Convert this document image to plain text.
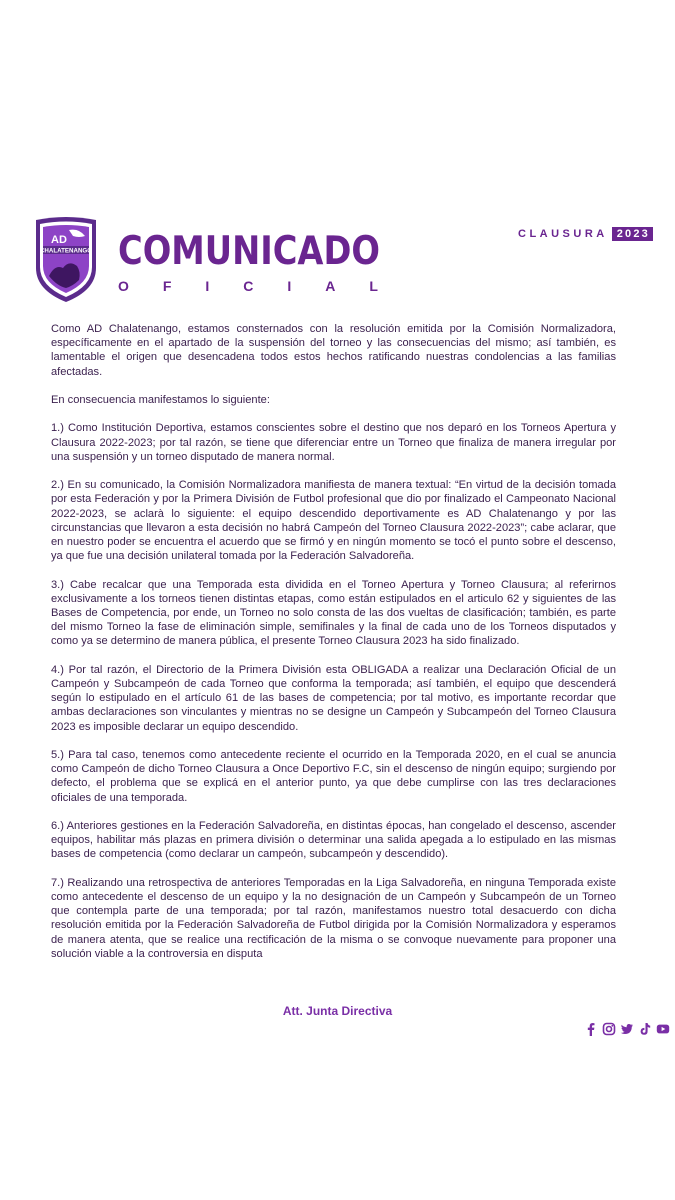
AD
CHALATENANGO COMUNICADO
O F I C I A L
CLAUSURA 2023

Como AD Chalatenango, estamos consternados con la resolución emitida por la Comisión Normalizadora, específicamente en el apartado de la suspensión del torneo y las consecuencias del mismo; así también, es lamentable el origen que desencadena todos estos hechos ratificando nuestras condolencias a las familias afectadas.

En consecuencia manifestamos lo siguiente:

1.) Como Institución Deportiva, estamos conscientes sobre el destino que nos deparó en los Torneos Apertura y Clausura 2022-2023; por tal razón, se tiene que diferenciar entre un Torneo que finaliza de manera irregular por una suspensión y un torneo disputado de manera normal.

2.) En su comunicado, la Comisión Normalizadora manifiesta de manera textual: “En virtud de la decisión tomada por esta Federación y por la Primera División de Futbol profesional que dio por finalizado el Campeonato Nacional 2022-2023, se aclarà lo siguiente: el equipo descendido deportivamente es AD Chalatenango y por las circunstancias que llevaron a esta decisión no habrá Campeón del Torneo Clausura 2022-2023”; cabe aclarar, que en nuestro poder se encuentra el acuerdo que se firmó y en ningún momento se tocó el punto sobre el descenso, ya que fue una decisión unilateral tomada por la Federación Salvadoreña.

3.) Cabe recalcar que una Temporada esta dividida en el Torneo Apertura y Torneo Clausura; al referirnos exclusivamente a los torneos tienen distintas etapas, como están estipulados en el articulo 62 y siguientes de las Bases de Competencia, por ende, un Torneo no solo consta de las dos vueltas de clasificación; también, es parte del mismo Torneo la fase de eliminación simple, semifinales y la final de cada uno de los Torneos disputados y como ya se determino de manera pública, el presente Torneo Clausura 2023 ha sido finalizado.

4.) Por tal razón, el Directorio de la Primera División esta OBLIGADA a realizar una Declaración Oficial de un Campeón y Subcampeón de cada Torneo que conforma la temporada; así también, el equipo que descenderá según lo estipulado en el artículo 61 de las bases de competencia; por tal motivo, es importante recordar que ambas declaraciones son vinculantes y mientras no se designe un Campeón y Subcampeón del Torneo Clausura 2023 es imposible declarar un equipo descendido.

5.) Para tal caso, tenemos como antecedente reciente el ocurrido en la Temporada 2020, en el cual se anuncia como Campeón de dicho Torneo Clausura a Once Deportivo F.C, sin el descenso de ningún equipo; surgiendo por defecto, el problema que se explicá en el anterior punto, ya que debe cumplirse con las tres declaraciones oficiales de una temporada.

6.) Anteriores gestiones en la Federación Salvadoreña, en distintas épocas, han congelado el descenso, ascender equipos, habilitar más plazas en primera división o determinar una salida apegada a lo estipulado en las mismas bases de competencia (como declarar un campeón, subcampeón y descendido).

7.) Realizando una retrospectiva de anteriores Temporadas en la Liga Salvadoreña, en ninguna Temporada existe como antecedente el descenso de un equipo y la no designación de un Campeón y Subcampeón de un Torneo que contempla parte de una temporada; por tal razón, manifestamos nuestro total desacuerdo con dicha resolución emitida por la Federación Salvadoreña de Futbol dirigida por la Comisión Normalizadora y esperamos de manera atenta, que se realice una rectificación de la misma o se convoque nuevamente para proponer una solución viable a la controversia en disputa

Att. Junta Directiva
